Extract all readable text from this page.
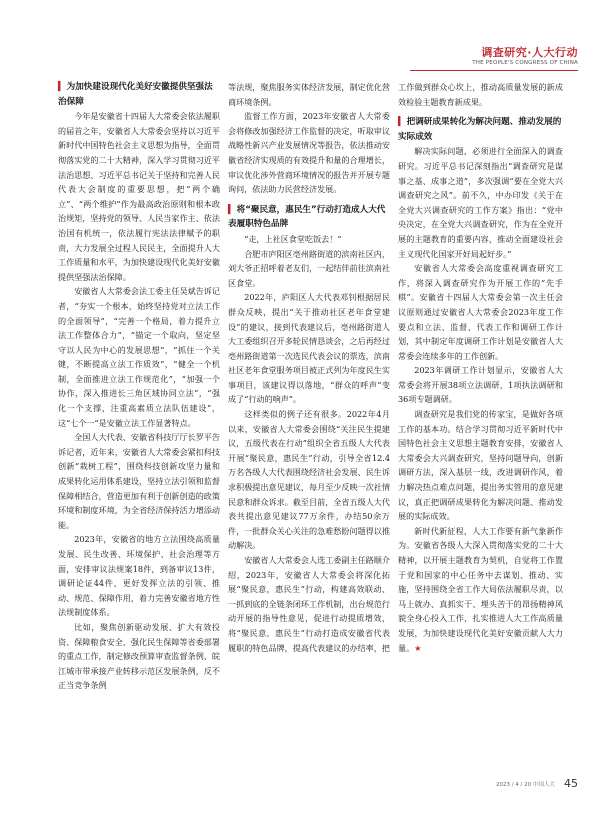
调查研究·人大行动
THE PEOPLE'S CONGRESS OF CHINA
▍ 为加快建设现代化美好安徽提供坚强法治保障

今年是安徽省十四届人大常委会依法履职的届首之年，安徽省人大常委会坚持以习近平新时代中国特色社会主义思想为指导，全面贯彻落实党的二十大精神，深入学习贯彻习近平法治思想、习近平总书记关于坚持和完善人民代表大会制度的重要思想，把“两个确立”、“两个维护”作为最高政治原则和根本政治规矩，坚持党的领导、人民当家作主、依法治国有机统一，依法履行宪法法律赋予的职责，大力发展全过程人民民主，全面提升人大工作质量和水平，为加快建设现代化美好安徽提供坚强法治保障。

安徽省人大常委会法工委主任吴斌告诉记者，“夯实一个根本，始终坚持党对立法工作的全面领导”，“完善一个格局，着力提升立法工作整体合力”，“锚定一个取向，坚定坚守以人民为中心的发展思想”，“抓住一个关键，不断提高立法工作质效”，“健全一个机制，全面推进立法工作规范化”，“加强一个协作，深入推进长三角区域协同立法”，“强化一个支撑，注重高素质立法队伍建设”，这“七个一”是安徽立法工作显著特点。

全国人大代表、安徽省科技厅厅长罗平告诉记者，近年来，安徽省人大常委会紧扣科技创新“栽树工程”，围绕科技创新攻坚力量和成果转化运用体系建设，坚持立法引领和监督保障相结合，营造更加有利于创新创造的政策环境和制度环境，为全省经济保持活力增添动能。

2023年，安徽省的地方立法围绕高质量发展、民生改善、环境保护、社会治理等方面，安排审议法规案18件，到备审议13件，调研论证44件，更好发挥立法的引领、推动、规范、保障作用，着力完善安徽省地方性法规制度体系。

比如，聚焦创新驱动发展、扩大有效投资、保障粮食安全、强化民生保障等省委部署的重点工作，制定修改预算审查监督条例、皖江城市带承接产业转移示范区发展条例，反不正当竞争条例

等法规，聚焦服务实体经济发展，制定优化营商环境条例。

监督工作方面，2023年安徽省人大常委会将修改加强经济工作监督的决定，听取审议战略性新兴产业发展情况等报告，依法推动安徽省经济实现质的有效提升和量的合理增长，审议优化涉外营商环境情况的报告并开展专题询问，依法助力民营经济发展。

▍ 将“聚民意，惠民生”行动打造成人大代表履职特色品牌

“走，上社区食堂吃饭去！”

合肥市庐阳区亳州路街道的滨南社区内，刘大爷正招呼着老友们，一起结伴前往滨南社区食堂。

2022年，庐阳区人大代表邓钊根据居民群众反映，提出“关于推动社区老年食堂建设”的建议，接到代表建议后，亳州路街道人大工委组织召开多轮民情恳谈会，之后再经过亳州路街道第一次选民代表会议的票选，滨南社区老年食堂服务项目被正式列为年度民生实事项目，该建议得以落地，“群众的呼声”变成了“行动的响声”。

这样类似的例子还有很多。2022年4月以来，安徽省人大常委会围绕“关注民生提建议，五级代表在行动”组织全省五级人大代表开展“聚民意，惠民生”行动，引导全省12.4万名各级人大代表围绕经济社会发展、民生诉求积极提出意见建议，每月至少反映一次社情民意和群众诉求。截至目前，全省五级人大代表共提出意见建议77万余件，办结50余万件，一批群众关心关注的急难愁盼问题得以推动解决。

安徽省人大常委会人选工委副主任路顺介绍，2023年，安徽省人大常委会将深化拓展“聚民意，惠民生”行动，构建高效联动、一抓到底的全链条闭环工作机制，出台规范行动开展的指导性意见，促进行动提质增效，将“聚民意，惠民生”行动打造成安徽省代表履职的特色品牌，提高代表建议的办结率，把

工作做到群众心坎上，推动高质量发展的新成效检验主题教育新成果。

▍ 把调研成果转化为解决问题、推动发展的实际成效

解决实际问题，必须进行全面深入的调查研究。习近平总书记深刻指出“调查研究是谋事之基、成事之道”，多次强调“要在全党大兴调查研究之风”。前不久，中办印发《关于在全党大兴调查研究的工作方案》指出：“党中央决定，在全党大兴调查研究，作为在全党开展的主题教育的重要内容，推动全面建设社会主义现代化国家开好局起好步。”

安徽省人大常委会高度重视调查研究工作，将深入调查研究作为开展工作的“先手棋”。安徽省十四届人大常委会第一次主任会议原则通过安徽省人大常委会2023年度工作要点和立法、监督、代表工作和调研工作计划，其中制定年度调研工作计划是安徽省人大常委会连续多年的工作创新。

2023年调研工作计划显示，安徽省人大常委会将开展38项立法调研、1项执法调研和36项专题调研。

调查研究是我们党的传家宝，是做好各项工作的基本功。结合学习贯彻习近平新时代中国特色社会主义思想主题教育安排，安徽省人大常委会大兴调查研究，坚持问题导向，创新调研方法，深入基层一线，改进调研作风，着力解决热点难点问题，提出务实管用的意见建议，真正把调研成果转化为解决问题、推动发展的实际成效。

新时代新征程，人大工作要有新气象新作为。安徽省各级人大深入贯彻落实党的二十大精神，以开展主题教育为契机，自觉将工作置于党和国家的中心任务中去谋划、推动、实施，坚持围绕全省工作大局依法履职尽责，以马上就办、真抓实干、埋头苦干的昂扬精神风貌全身心投入工作，扎实推进人大工作高质量发展，为加快建设现代化美好安徽贡献人大力量。★

2023 / 4 / 20 中国人大 45
